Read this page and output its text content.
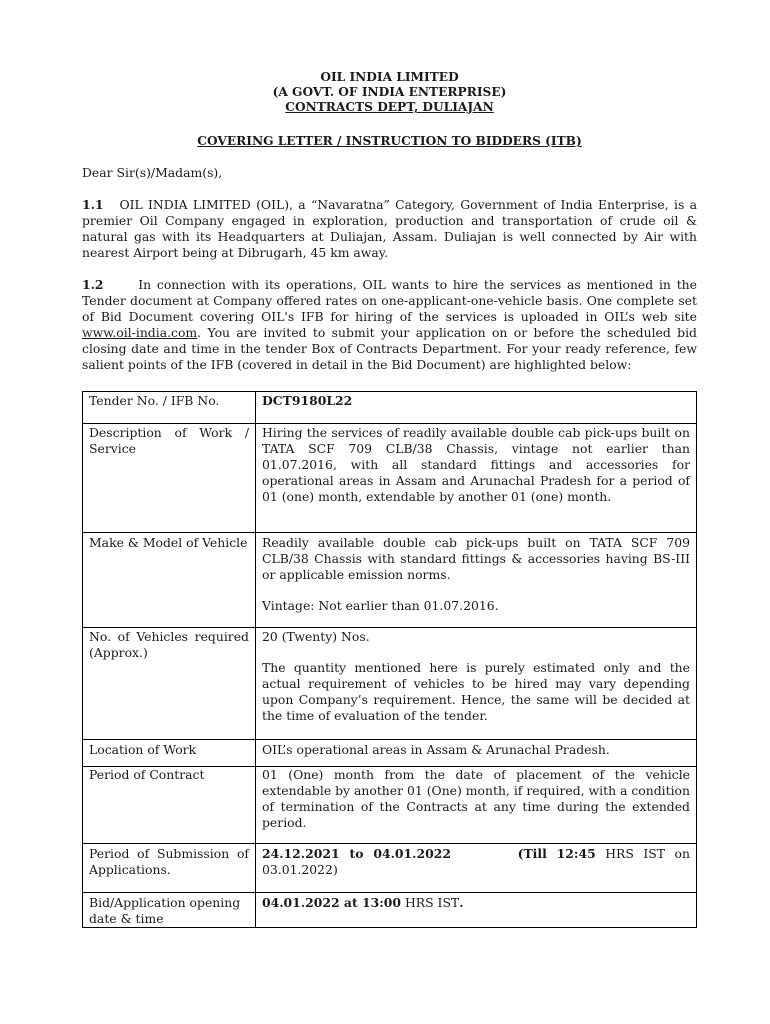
OIL INDIA LIMITED
(A GOVT. OF INDIA ENTERPRISE)
CONTRACTS DEPT, DULIAJAN
COVERING LETTER / INSTRUCTION TO BIDDERS (ITB)
Dear Sir(s)/Madam(s),

1.1 OIL INDIA LIMITED (OIL), a “Navaratna” Category, Government of India Enterprise, is a premier Oil Company engaged in exploration, production and transportation of crude oil & natural gas with its Headquarters at Duliajan, Assam. Duliajan is well connected by Air with nearest Airport being at Dibrugarh, 45 km away.

1.2	In connection with its operations, OIL wants to hire the services as mentioned in the Tender document at Company offered rates on one-applicant-one-vehicle basis. One complete set of Bid Document covering OIL's IFB for hiring of the services is uploaded in OIL’s web site www.oil-india.com. You are invited to submit your application on or before the scheduled bid closing date and time in the tender Box of Contracts Department. For your ready reference, few salient points of the IFB (covered in detail in the Bid Document) are highlighted below:

Tender No. / IFB No.	DCT9180L22
Description of Work / Service	Hiring the services of readily available double cab pick-ups built on TATA SCF 709 CLB/38 Chassis, vintage not earlier than 01.07.2016, with all standard fittings and accessories for operational areas in Assam and Arunachal Pradesh for a period of 01 (one) month, extendable by another 01 (one) month.
Make & Model of Vehicle	Readily available double cab pick-ups built on TATA SCF 709 CLB/38 Chassis with standard fittings & accessories having BS-III or applicable emission norms.

Vintage: Not earlier than 01.07.2016.

No. of Vehicles required (Approx.)	20 (Twenty) Nos.

The quantity mentioned here is purely estimated only and the actual requirement of vehicles to be hired may vary depending upon Company’s requirement. Hence, the same will be decided at the time of evaluation of the tender.

Location of Work	OIL’s operational areas in Assam & Arunachal Pradesh.
Period of Contract	01 (One) month from the date of placement of the vehicle extendable by another 01 (One) month, if required, with a condition of termination of the Contracts at any time during the extended period.
Period of Submission of Applications.	24.12.2021 to 04.01.2022 (Till 12:45 HRS IST on 03.01.2022)
Bid/Application opening date & time	04.01.2022 at 13:00 HRS IST.
